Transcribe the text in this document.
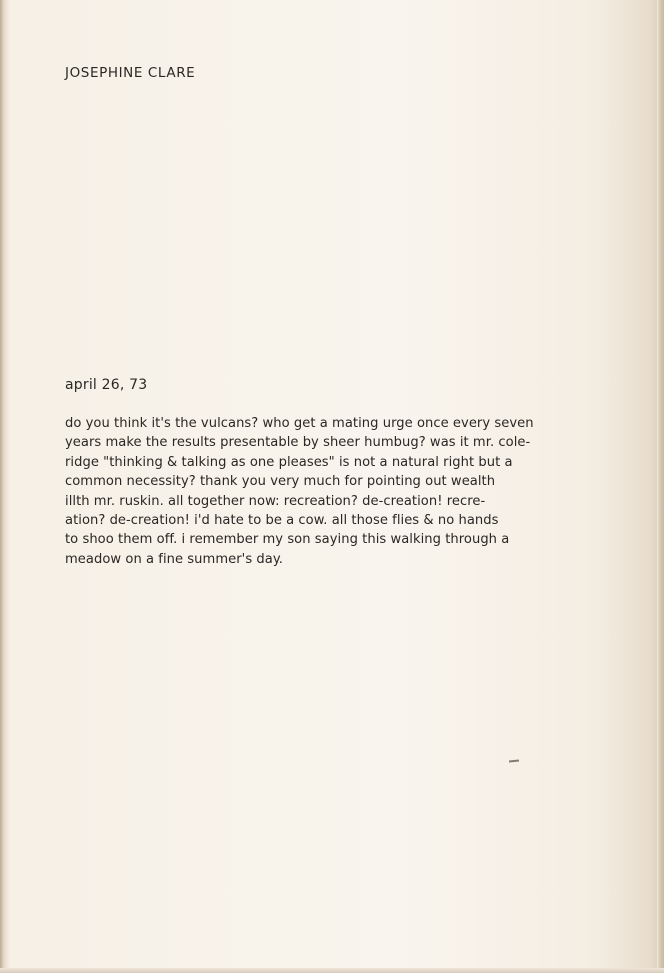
JOSEPHINE CLARE
april 26, 73
do you think it's the vulcans? who get a mating urge once every seven
years make the results presentable by sheer humbug? was it mr. cole-
ridge "thinking & talking as one pleases" is not a natural right but a
common necessity? thank you very much for pointing out wealth
illth mr. ruskin. all together now: recreation? de-creation! recre-
ation? de-creation! i'd hate to be a cow. all those flies & no hands
to shoo them off. i remember my son saying this walking through a
meadow on a fine summer's day.
